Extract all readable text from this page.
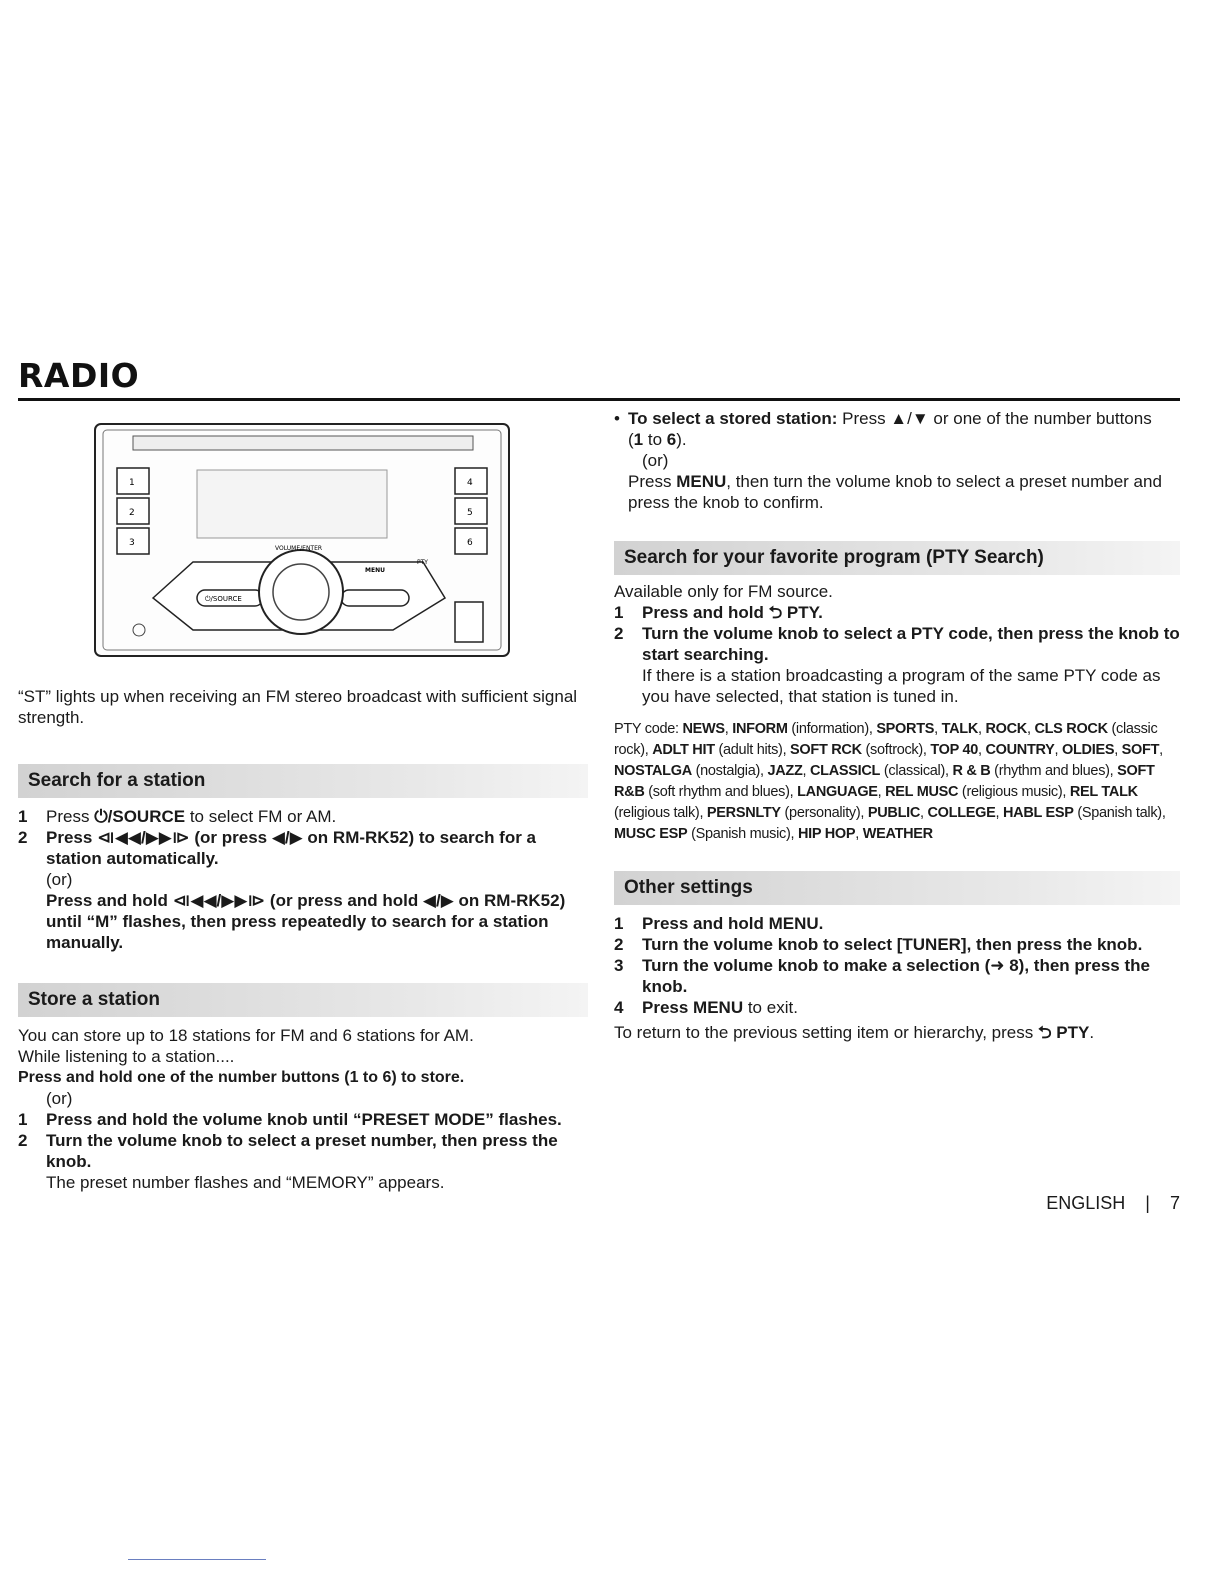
RADIO
1
2
3
4
5
6
⏻/SOURCE
VOLUME/ENTER
MENU
PTY

“ST” lights up when receiving an FM stereo broadcast with sufficient signal strength.

Search for a station
1 Press ⏻/SOURCE to select FM or AM.
2 Press ⧏◀◀/▶▶⧐ (or press ◀/▶ on RM-RK52) to search for a station automatically.
(or)
Press and hold ⧏◀◀/▶▶⧐ (or press and hold ◀/▶ on RM-RK52) until “M” flashes, then press repeatedly to search for a station manually.
Store a station

You can store up to 18 stations for FM and 6 stations for AM.

While listening to a station....

Press and hold one of the number buttons (1 to 6) to store.

(or)
1 Press and hold the volume knob until “PRESET MODE” flashes.
2 Turn the volume knob to select a preset number, then press the knob.
The preset number flashes and “MEMORY” appears.

• To select a stored station: Press ▲/▼ or one of the number buttons

(1 to 6).

(or)

Press MENU, then turn the volume knob to select a preset number and press the knob to confirm.

Search for your favorite program (PTY Search)

Available only for FM source.

1 Press and hold ⮌ PTY.
2 Turn the volume knob to select a PTY code, then press the knob to start searching.
If there is a station broadcasting a program of the same PTY code as you have selected, that station is tuned in.
PTY code: NEWS, INFORM (information), SPORTS, TALK, ROCK, CLS ROCK (classic rock), ADLT HIT (adult hits), SOFT RCK (softrock), TOP 40, COUNTRY, OLDIES, SOFT, NOSTALGA (nostalgia), JAZZ, CLASSICL (classical), R & B (rhythm and blues), SOFT R&B (soft rhythm and blues), LANGUAGE, REL MUSC (religious music), REL TALK (religious talk), PERSNLTY (personality), PUBLIC, COLLEGE, HABL ESP (Spanish talk), MUSC ESP (Spanish music), HIP HOP, WEATHER
Other settings
1 Press and hold MENU.
2 Turn the volume knob to select [TUNER], then press the knob.
3 Turn the volume knob to make a selection (➜ 8), then press the knob.
4 Press MENU to exit.

To return to the previous setting item or hierarchy, press ⮌ PTY.

ENGLISH | 7
